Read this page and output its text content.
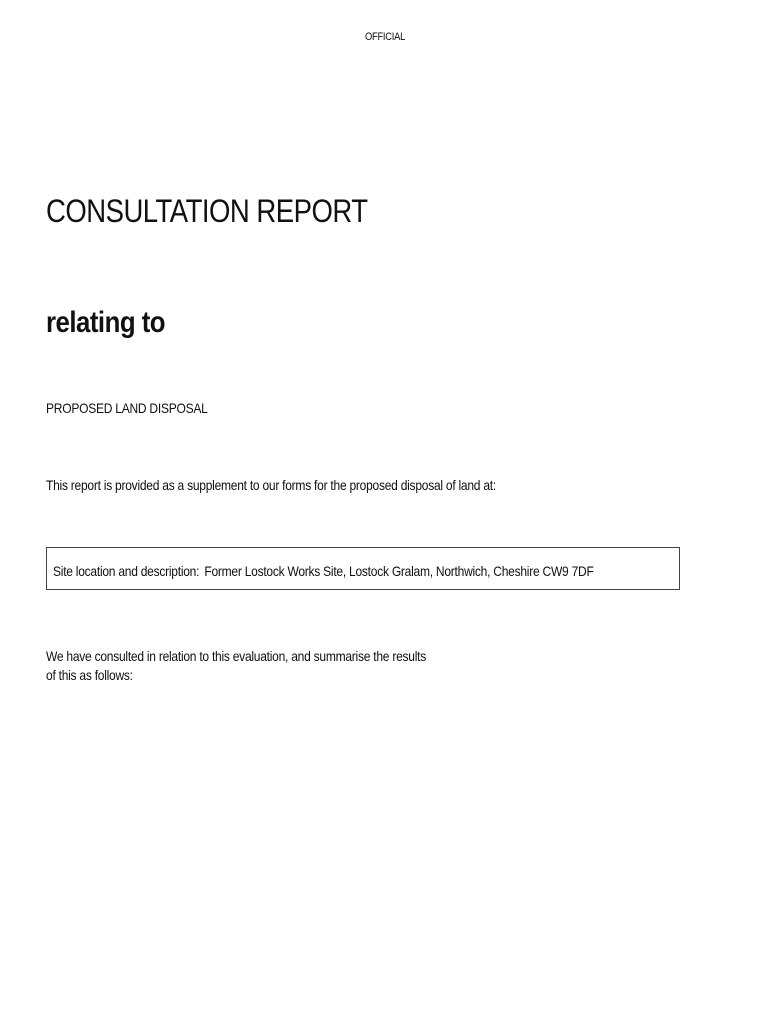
OFFICIAL
CONSULTATION REPORT
relating to

PROPOSED LAND DISPOSAL

This report is provided as a supplement to our forms for the proposed disposal of land at:

Site location and description: Former Lostock Works Site, Lostock Gralam, Northwich, Cheshire CW9 7DF

We have consulted in relation to this evaluation, and summarise the results of this as follows:
